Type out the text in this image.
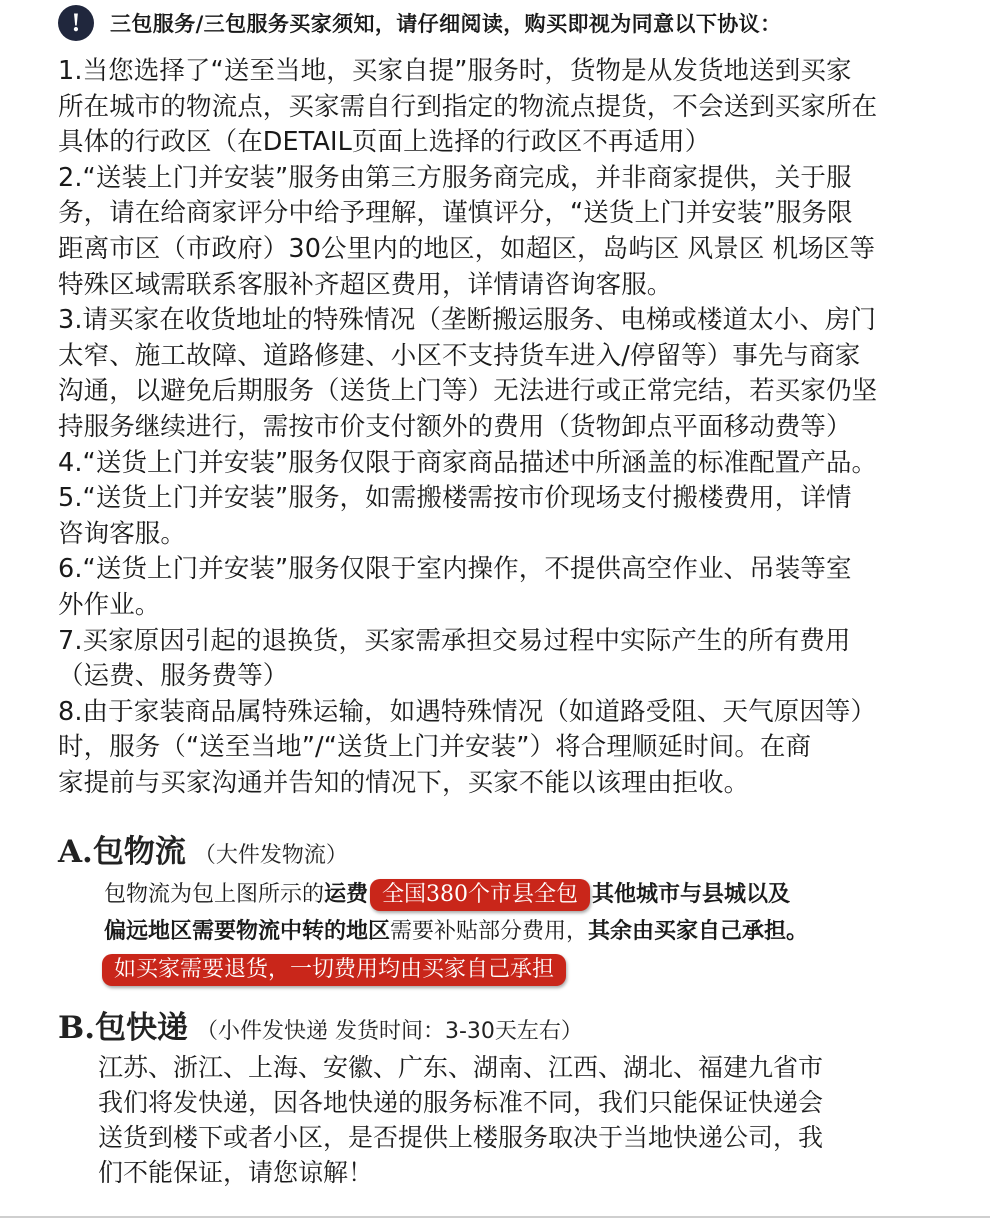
!	三包服务/三包服务买家须知，请仔细阅读，购买即视为同意以下协议：

1.当您选择了“送至当地，买家自提”服务时，货物是从发货地送到买家

所在城市的物流点，买家需自行到指定的物流点提货，不会送到买家所在

具体的行政区（在DETAIL页面上选择的行政区不再适用）

2.“送装上门并安装”服务由第三方服务商完成，并非商家提供，关于服

务，请在给商家评分中给予理解，谨慎评分，“送货上门并安装”服务限

距离市区（市政府）30公里内的地区，如超区，岛屿区 风景区 机场区等

特殊区域需联系客服补齐超区费用，详情请咨询客服。

3.请买家在收货地址的特殊情况（垄断搬运服务、电梯或楼道太小、房门

太窄、施工故障、道路修建、小区不支持货车进入/停留等）事先与商家

沟通，以避免后期服务（送货上门等）无法进行或正常完结，若买家仍坚

持服务继续进行，需按市价支付额外的费用（货物卸点平面移动费等）

4.“送货上门并安装”服务仅限于商家商品描述中所涵盖的标准配置产品。

5.“送货上门并安装”服务，如需搬楼需按市价现场支付搬楼费用，详情

咨询客服。

6.“送货上门并安装”服务仅限于室内操作，不提供高空作业、吊装等室

外作业。

7.买家原因引起的退换货，买家需承担交易过程中实际产生的所有费用

（运费、服务费等）

8.由于家装商品属特殊运输，如遇特殊情况（如道路受阻、天气原因等）

时，服务（“送至当地”/“送货上门并安装”）将合理顺延时间。在商

家提前与买家沟通并告知的情况下，买家不能以该理由拒收。

A.包物流 （大件发物流）
包物流为包上图所示的运费 全国380个市县全包 其他城市与县城以及
偏远地区需要物流中转的地区需要补贴部分费用，其余由买家自己承担。
如买家需要退货，一切费用均由买家自己承担
B.包快递 （小件发快递 发货时间：3-30天左右）

江苏、浙江、上海、安徽、广东、湖南、江西、湖北、福建九省市

我们将发快递，因各地快递的服务标准不同，我们只能保证快递会

送货到楼下或者小区，是否提供上楼服务取决于当地快递公司，我

们不能保证，请您谅解！
